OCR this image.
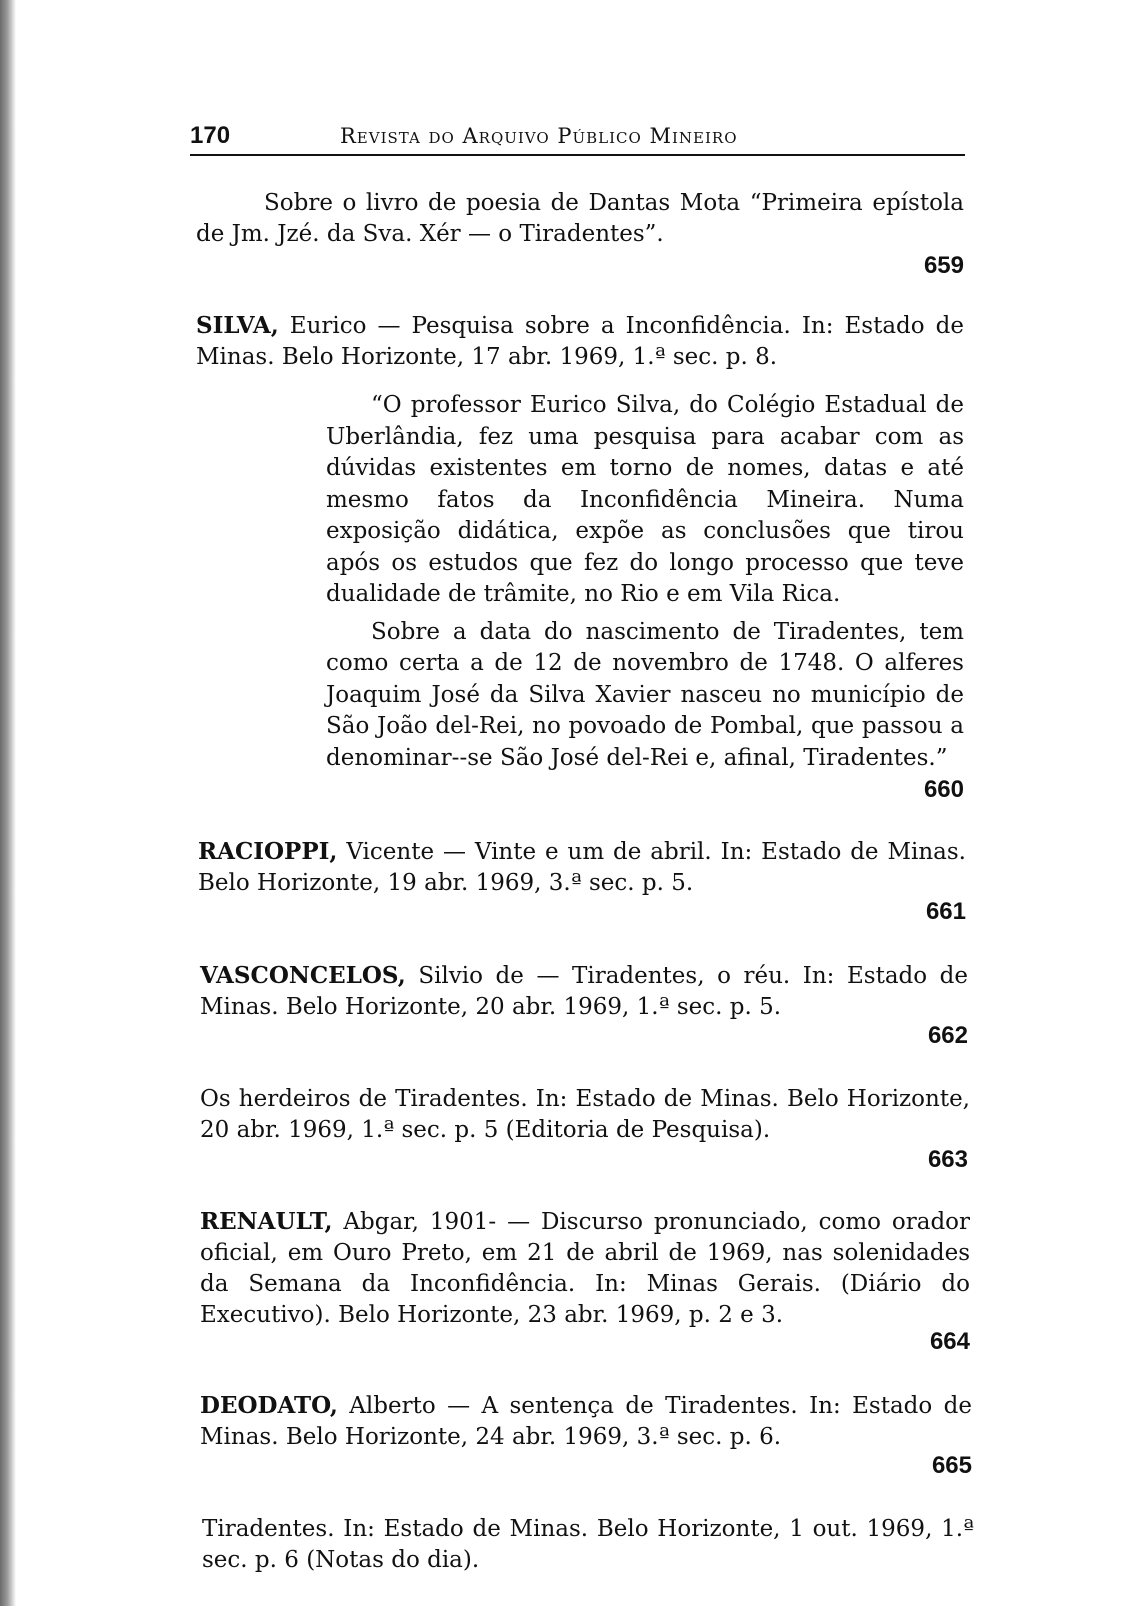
170	Revista do Arquivo Público Mineiro
Sobre o livro de poesia de Dantas Mota “Primeira epístola de Jm. Jzé. da Sva. Xér — o Tiradentes”.
659
SILVA, Eurico — Pesquisa sobre a Inconfidência. In: Estado de Minas. Belo Horizonte, 17 abr. 1969, 1.ª sec. p. 8.

“O professor Eurico Silva, do Colégio Estadual de Uberlândia, fez uma pesquisa para acabar com as dúvidas existentes em torno de nomes, datas e até mesmo fatos da Inconfidência Mineira. Numa exposição didática, expõe as conclusões que tirou após os estudos que fez do longo processo que teve dualidade de trâmite, no Rio e em Vila Rica.

Sobre a data do nascimento de Tiradentes, tem como certa a de 12 de novembro de 1748. O alferes Joaquim José da Silva Xavier nasceu no município de São João del-Rei, no povoado de Pombal, que passou a denominar--se São José del-Rei e, afinal, Tiradentes.”

660
RACIOPPI, Vicente — Vinte e um de abril. In: Estado de Minas. Belo Horizonte, 19 abr. 1969, 3.ª sec. p. 5.
661
VASCONCELOS, Silvio de — Tiradentes, o réu. In: Estado de Minas. Belo Horizonte, 20 abr. 1969, 1.ª sec. p. 5.
662
Os herdeiros de Tiradentes. In: Estado de Minas. Belo Horizonte, 20 abr. 1969, 1.ª sec. p. 5 (Editoria de Pesquisa).
663
RENAULT, Abgar, 1901- — Discurso pronunciado, como orador oficial, em Ouro Preto, em 21 de abril de 1969, nas solenidades da Semana da Inconfidência. In: Minas Gerais. (Diário do Executivo). Belo Horizonte, 23 abr. 1969, p. 2 e 3.
664
DEODATO, Alberto — A sentença de Tiradentes. In: Estado de Minas. Belo Horizonte, 24 abr. 1969, 3.ª sec. p. 6.
665
Tiradentes. In: Estado de Minas. Belo Horizonte, 1 out. 1969, 1.ª sec. p. 6 (Notas do dia).
